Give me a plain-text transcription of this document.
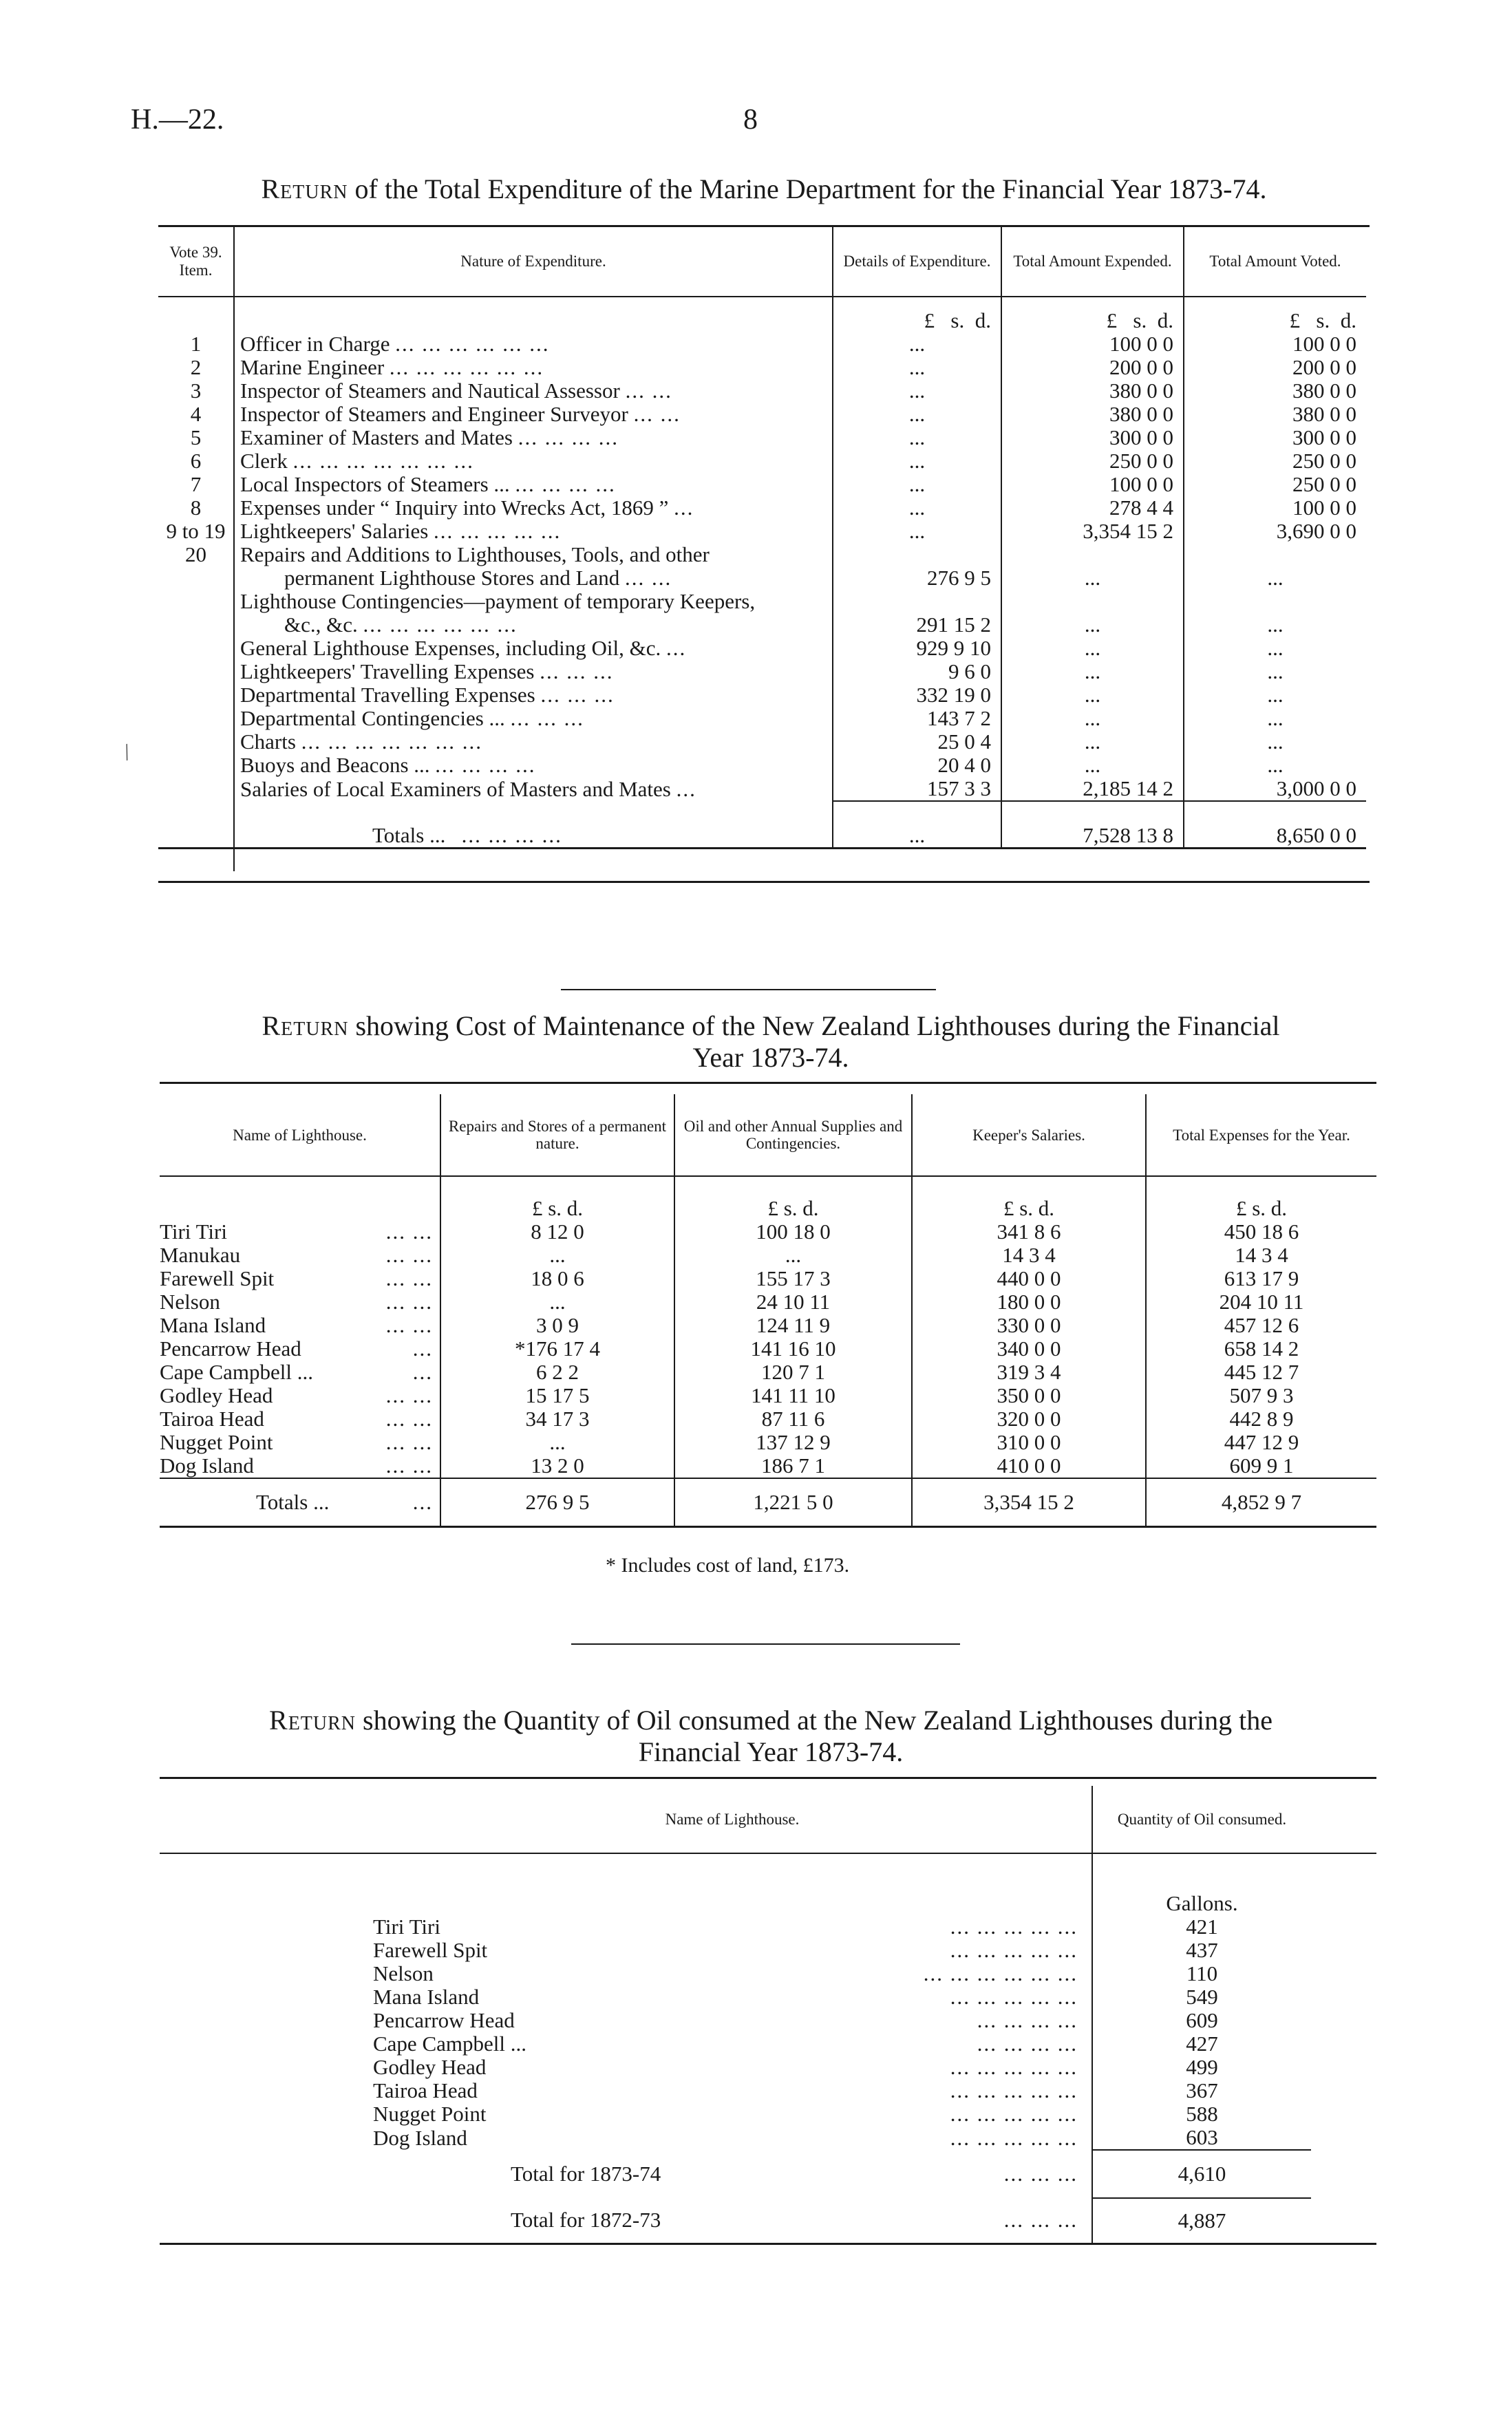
H.—22.	8
Return of the Total Expenditure of the Marine Department for the Financial Year 1873-74.
Vote 39. Item.	Nature of Expenditure.	Details of Expenditure.	Total Amount Expended.	Total Amount Voted.
		£ s. d.	£ s. d.	£ s. d.
1	Officer in Charge ... ... ... ... ... ...	...	100 0 0	100 0 0
2	Marine Engineer ... ... ... ... ... ...	...	200 0 0	200 0 0
3	Inspector of Steamers and Nautical Assessor ... ...	...	380 0 0	380 0 0
4	Inspector of Steamers and Engineer Surveyor ... ...	...	380 0 0	380 0 0
5	Examiner of Masters and Mates ... ... ... ...	...	300 0 0	300 0 0
6	Clerk ... ... ... ... ... ... ...	...	250 0 0	250 0 0
7	Local Inspectors of Steamers ... ... ... ... ...	...	100 0 0	250 0 0
8	Expenses under “ Inquiry into Wrecks Act, 1869 ” ...	...	278 4 4	100 0 0
9 to 19	Lightkeepers' Salaries ... ... ... ... ...	...	3,354 15 2	3,690 0 0
20	Repairs and Additions to Lighthouses, Tools, and other			
	permanent Lighthouse Stores and Land ... ...	276 9 5	...	...
	Lighthouse Contingencies—payment of temporary Keepers,			
	&c., &c. ... ... ... ... ... ...	291 15 2	...	...
	General Lighthouse Expenses, including Oil, &c. ...	929 9 10	...	...
	Lightkeepers' Travelling Expenses ... ... ...	9 6 0	...	...
	Departmental Travelling Expenses ... ... ...	332 19 0	...	...
	Departmental Contingencies ... ... ... ...	143 7 2	...	...
	Charts ... ... ... ... ... ... ...	25 0 4	...	...
	Buoys and Beacons ... ... ... ... ...	20 4 0	...	...
	Salaries of Local Examiners of Masters and Mates ...	157 3 3	2,185 14 2	3,000 0 0
	Totals ... ... ... ... ...	...	7,528 13 8	8,650 0 0

/
Return showing Cost of Maintenance of the New Zealand Lighthouses during the Financial
Year 1873-74.
Name of Lighthouse.	Repairs and Stores of a permanent nature.	Oil and other Annual Supplies and Contingencies.	Keeper's Salaries.	Total Expenses for the Year.
	£ s. d.	£ s. d.	£ s. d.	£ s. d.
Tiri Tiri ... ...	8 12 0	100 18 0	341 8 6	450 18 6
Manukau ... ...	...	...	14 3 4	14 3 4
Farewell Spit ... ...	18 0 6	155 17 3	440 0 0	613 17 9
Nelson ... ...	...	24 10 11	180 0 0	204 10 11
Mana Island ... ...	3 0 9	124 11 9	330 0 0	457 12 6
Pencarrow Head ...	*176 17 4	141 16 10	340 0 0	658 14 2
Cape Campbell ... ...	6 2 2	120 7 1	319 3 4	445 12 7
Godley Head ... ...	15 17 5	141 11 10	350 0 0	507 9 3
Tairoa Head ... ...	34 17 3	87 11 6	320 0 0	442 8 9
Nugget Point ... ...	...	137 12 9	310 0 0	447 12 9
Dog Island ... ...	13 2 0	186 7 1	410 0 0	609 9 1
Totals ... ...	276 9 5	1,221 5 0	3,354 15 2	4,852 9 7
* Includes cost of land, £173.
Return showing the Quantity of Oil consumed at the New Zealand Lighthouses during the
Financial Year 1873-74.
	Name of Lighthouse.		Quantity of Oil consumed.	
			Gallons.	
	Tiri Tiri	... ... ... ... ...	421	
	Farewell Spit	... ... ... ... ...	437	
	Nelson	... ... ... ... ... ...	110	
	Mana Island	... ... ... ... ...	549	
	Pencarrow Head	... ... ... ...	609	
	Cape Campbell ...	... ... ... ...	427	
	Godley Head	... ... ... ... ...	499	
	Tairoa Head	... ... ... ... ...	367	
	Nugget Point	... ... ... ... ...	588	
	Dog Island	... ... ... ... ...	603	
	Total for 1873-74 ... ... ...		4,610	
	Total for 1872-73 ... ... ...		4,887	
